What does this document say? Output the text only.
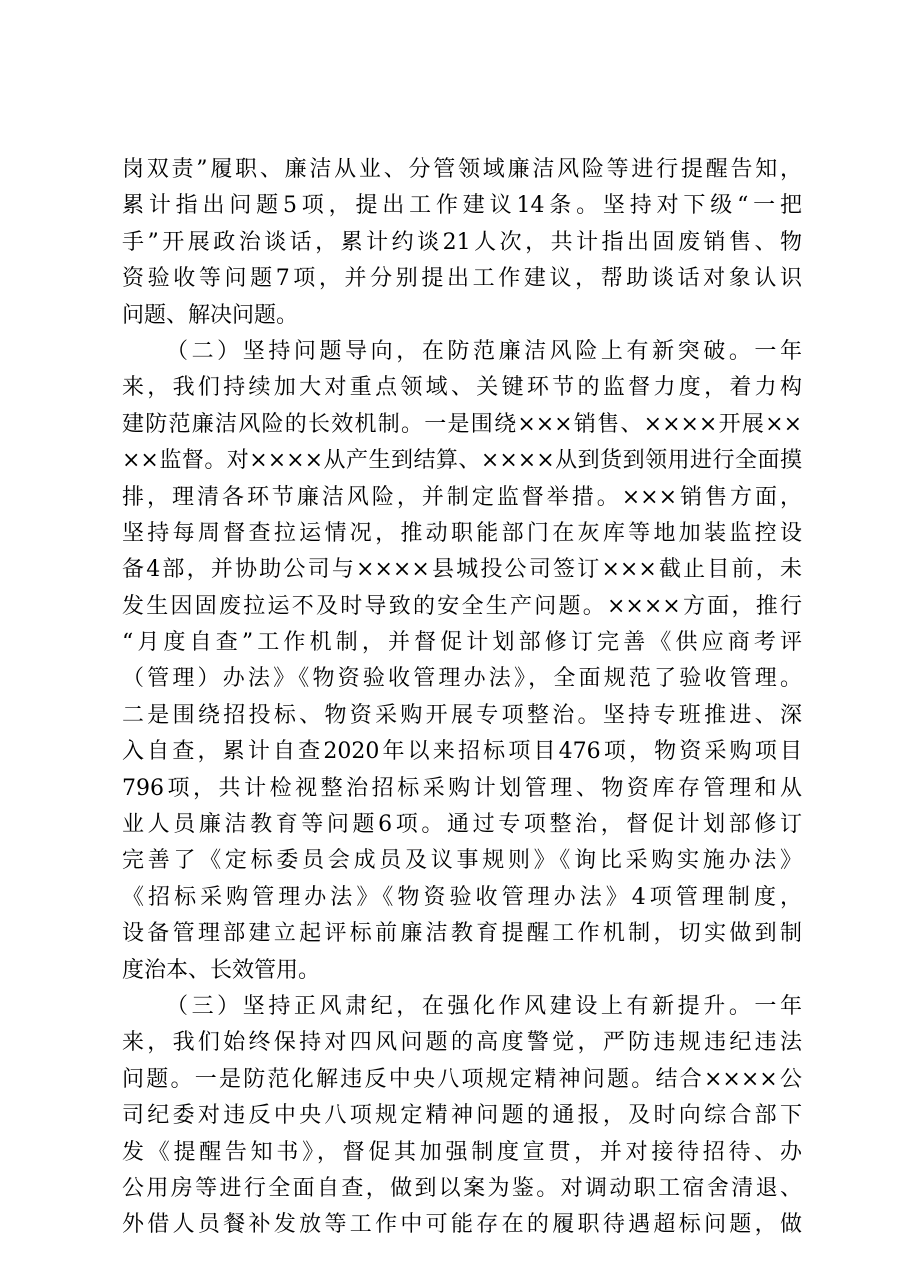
岗双责”履职、廉洁从业、分管领域廉洁风险等进行提醒告知，
累计指出问题5项，提出工作建议14条。坚持对下级“一把
手”开展政治谈话，累计约谈21人次，共计指出固废销售、物
资验收等问题7项，并分别提出工作建议，帮助谈话对象认识
问题、解决问题。
（二）坚持问题导向，在防范廉洁风险上有新突破。一年
来，我们持续加大对重点领域、关键环节的监督力度，着力构
建防范廉洁风险的长效机制。一是围绕×××销售、××××开展××
××监督。对××××从产生到结算、××××从到货到领用进行全面摸
排，理清各环节廉洁风险，并制定监督举措。×××销售方面，
坚持每周督查拉运情况，推动职能部门在灰库等地加装监控设
备4部，并协助公司与××××县城投公司签订×××截止目前，未
发生因固废拉运不及时导致的安全生产问题。××××方面，推行
“月度自查”工作机制，并督促计划部修订完善《供应商考评
（管理）办法》《物资验收管理办法》，全面规范了验收管理。
二是围绕招投标、物资采购开展专项整治。坚持专班推进、深
入自查，累计自查2020年以来招标项目476项，物资采购项目
796项，共计检视整治招标采购计划管理、物资库存管理和从
业人员廉洁教育等问题6项。通过专项整治，督促计划部修订
完善了《定标委员会成员及议事规则》《询比采购实施办法》
《招标采购管理办法》《物资验收管理办法》4项管理制度，
设备管理部建立起评标前廉洁教育提醒工作机制，切实做到制
度治本、长效管用。
（三）坚持正风肃纪，在强化作风建设上有新提升。一年
来，我们始终保持对四风问题的高度警觉，严防违规违纪违法
问题。一是防范化解违反中央八项规定精神问题。结合××××公
司纪委对违反中央八项规定精神问题的通报，及时向综合部下
发《提醒告知书》，督促其加强制度宣贯，并对接待招待、办
公用房等进行全面自查，做到以案为鉴。对调动职工宿舍清退、
外借人员餐补发放等工作中可能存在的履职待遇超标问题，做
